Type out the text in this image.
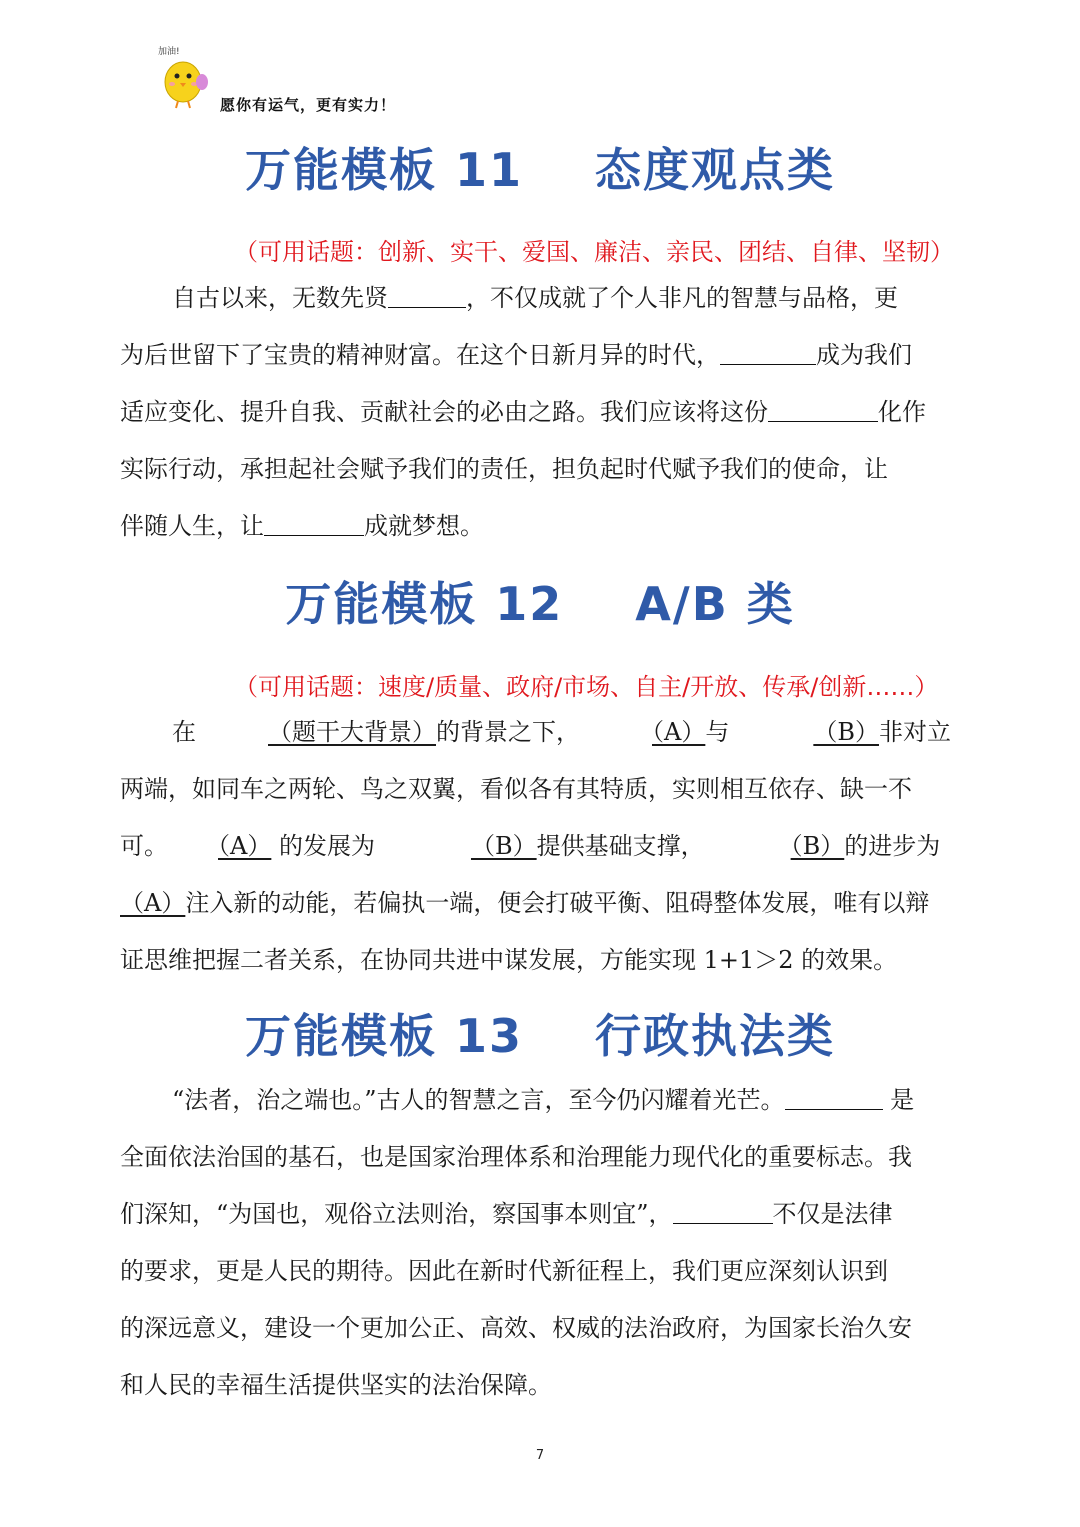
加油!
愿你有运气，更有实力！
万能模板 11    态度观点类
（可用话题：创新、实干、爱国、廉洁、亲民、团结、自律、坚韧）
自古以来，无数先贤	，不仅成就了个人非凡的智慧与品格，更
为后世留下了宝贵的精神财富。在这个日新月异的时代，	成为我们
适应变化、提升自我、贡献社会的必由之路。我们应该将这份	化作
实际行动，承担起社会赋予我们的责任，担负起时代赋予我们的使命，让
伴随人生，让	成就梦想。
万能模板 12    A/B 类
（可用话题：速度/质量、政府/市场、自主/开放、传承/创新……）
在	（题干大背景）的背景之下，	（A）与	（B）非对立
两端，如同车之两轮、鸟之双翼，看似各有其特质，实则相互依存、缺一不
可。 （A） 的发展为	（B）提供基础支撑，	（B）的进步为
（A）注入新的动能，若偏执一端，便会打破平衡、阻碍整体发展，唯有以辩
证思维把握二者关系，在协同共进中谋发展，方能实现 1+1＞2 的效果。
万能模板 13    行政执法类
“法者，治之端也。”古人的智慧之言，至今仍闪耀着光芒。	是
全面依法治国的基石，也是国家治理体系和治理能力现代化的重要标志。我
们深知，“为国也，观俗立法则治，察国事本则宜”，	不仅是法律
的要求，更是人民的期待。因此在新时代新征程上，我们更应深刻认识到
的深远意义，建设一个更加公正、高效、权威的法治政府，为国家长治久安
和人民的幸福生活提供坚实的法治保障。
7
